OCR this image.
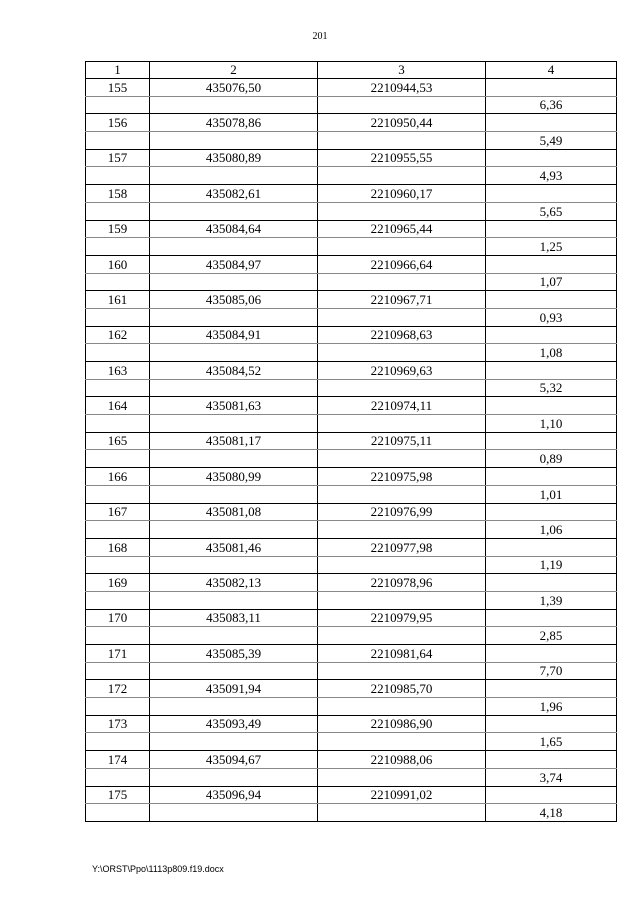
201
1	2	3	4
155	435076,50	2210944,53	
			6,36
156	435078,86	2210950,44	
			5,49
157	435080,89	2210955,55	
			4,93
158	435082,61	2210960,17	
			5,65
159	435084,64	2210965,44	
			1,25
160	435084,97	2210966,64	
			1,07
161	435085,06	2210967,71	
			0,93
162	435084,91	2210968,63	
			1,08
163	435084,52	2210969,63	
			5,32
164	435081,63	2210974,11	
			1,10
165	435081,17	2210975,11	
			0,89
166	435080,99	2210975,98	
			1,01
167	435081,08	2210976,99	
			1,06
168	435081,46	2210977,98	
			1,19
169	435082,13	2210978,96	
			1,39
170	435083,11	2210979,95	
			2,85
171	435085,39	2210981,64	
			7,70
172	435091,94	2210985,70	
			1,96
173	435093,49	2210986,90	
			1,65
174	435094,67	2210988,06	
			3,74
175	435096,94	2210991,02	
			4,18
Y:\ORST\Ppo\1113p809.f19.docx
